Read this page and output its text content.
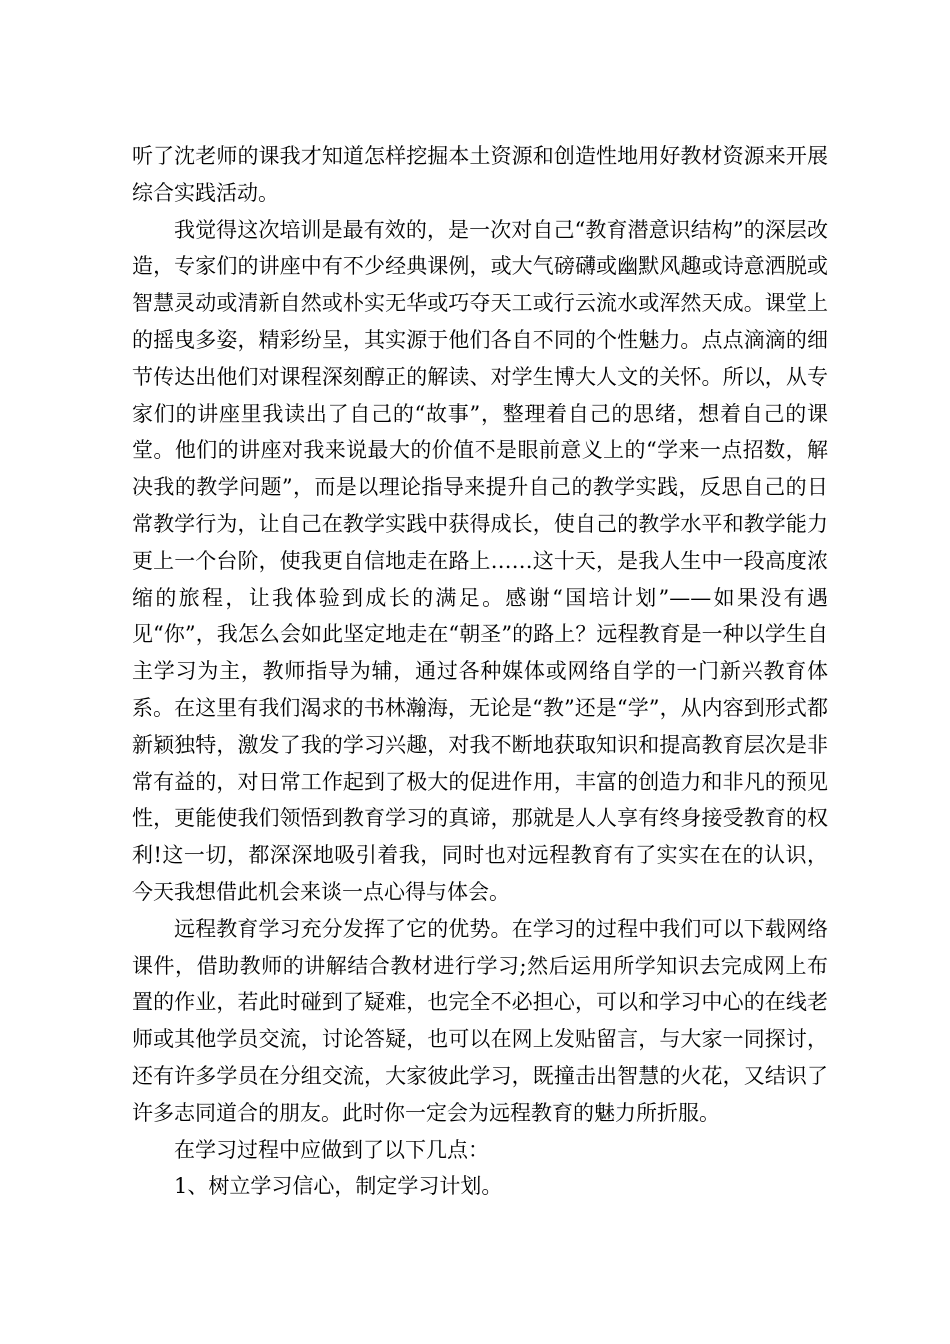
听了沈老师的课我才知道怎样挖掘本土资源和创造性地用好教材资源来开展综合实践活动。

我觉得这次培训是最有效的，是一次对自己“教育潜意识结构”的深层改造，专家们的讲座中有不少经典课例，或大气磅礴或幽默风趣或诗意洒脱或智慧灵动或清新自然或朴实无华或巧夺天工或行云流水或浑然天成。课堂上的摇曳多姿，精彩纷呈，其实源于他们各自不同的个性魅力。点点滴滴的细节传达出他们对课程深刻醇正的解读、对学生博大人文的关怀。所以，从专家们的讲座里我读出了自己的“故事”，整理着自己的思绪，想着自己的课堂。他们的讲座对我来说最大的价值不是眼前意义上的“学来一点招数，解决我的教学问题”，而是以理论指导来提升自己的教学实践，反思自己的日常教学行为，让自己在教学实践中获得成长，使自己的教学水平和教学能力更上一个台阶，使我更自信地走在路上……这十天，是我人生中一段高度浓缩的旅程，让我体验到成长的满足。感谢“国培计划”——如果没有遇见“你”，我怎么会如此坚定地走在“朝圣”的路上？远程教育是一种以学生自主学习为主，教师指导为辅，通过各种媒体或网络自学的一门新兴教育体系。在这里有我们渴求的书林瀚海，无论是“教”还是“学”，从内容到形式都新颖独特，激发了我的学习兴趣，对我不断地获取知识和提高教育层次是非常有益的，对日常工作起到了极大的促进作用，丰富的创造力和非凡的预见性，更能使我们领悟到教育学习的真谛，那就是人人享有终身接受教育的权利!这一切，都深深地吸引着我，同时也对远程教育有了实实在在的认识，今天我想借此机会来谈一点心得与体会。

远程教育学习充分发挥了它的优势。在学习的过程中我们可以下载网络课件，借助教师的讲解结合教材进行学习;然后运用所学知识去完成网上布置的作业，若此时碰到了疑难，也完全不必担心，可以和学习中心的在线老师或其他学员交流，讨论答疑，也可以在网上发贴留言，与大家一同探讨，还有许多学员在分组交流，大家彼此学习，既撞击出智慧的火花，又结识了许多志同道合的朋友。此时你一定会为远程教育的魅力所折服。

在学习过程中应做到了以下几点：

1、树立学习信心，制定学习计划。
